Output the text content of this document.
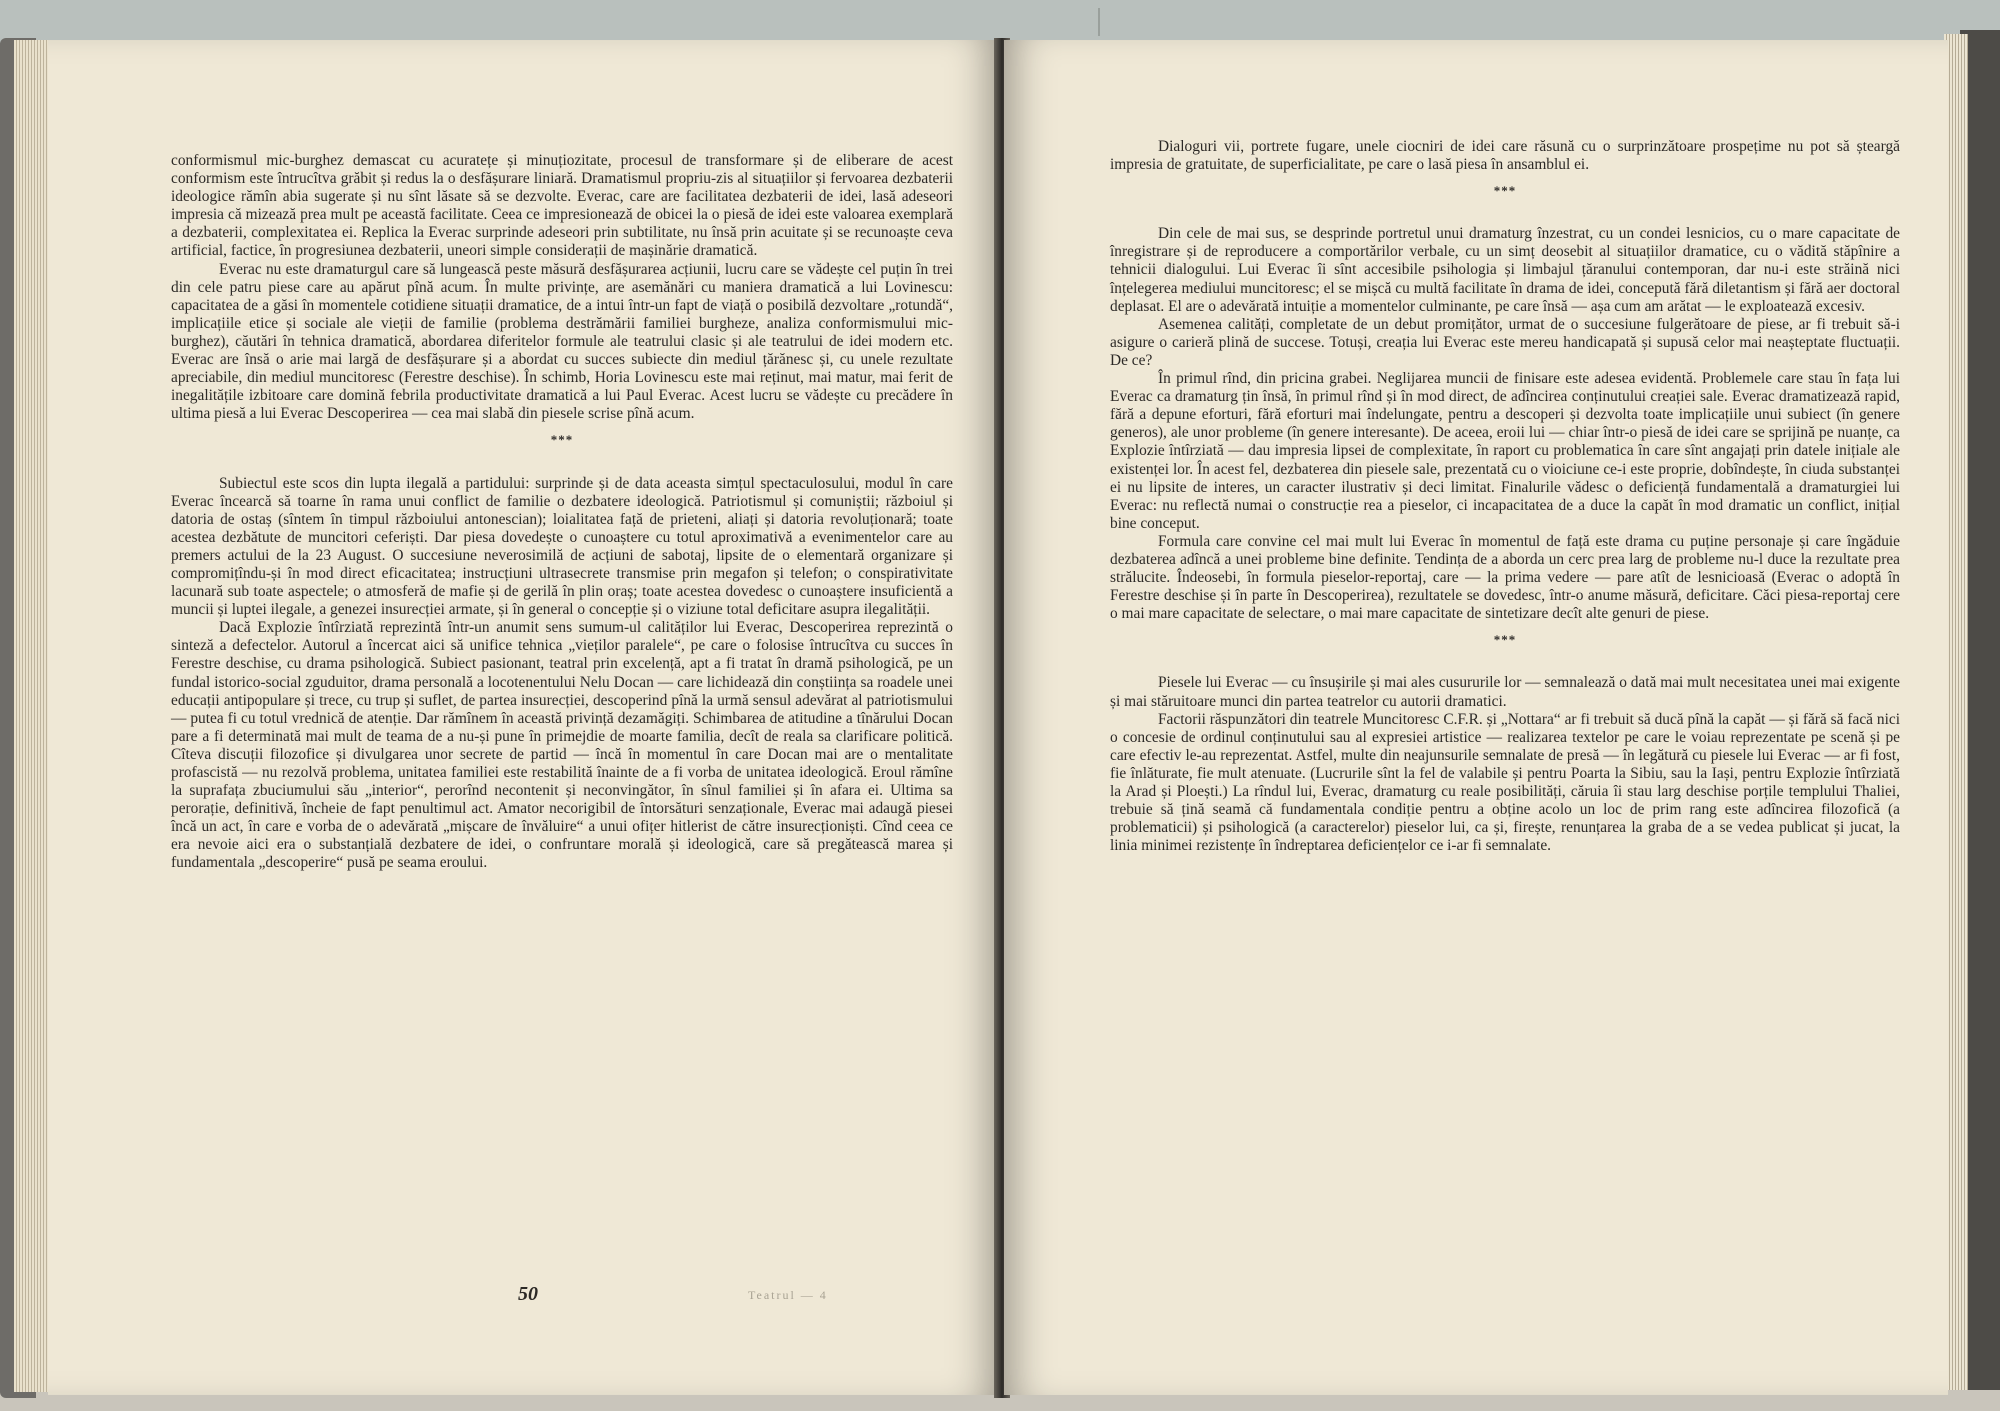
conformismul mic-burghez demascat cu acuratețe și minuțiozitate, procesul de transformare și de eliberare de acest conformism este întrucîtva grăbit și redus la o desfășurare liniară. Dramatismul propriu-zis al situațiilor și fervoarea dezbaterii ideologice rămîn abia sugerate și nu sînt lăsate să se dezvolte. Everac, care are facilitatea dezbaterii de idei, lasă adeseori impresia că mizează prea mult pe această facilitate. Ceea ce impresionează de obicei la o piesă de idei este valoarea exemplară a dezbaterii, complexitatea ei. Replica la Everac surprinde adeseori prin subtilitate, nu însă prin acuitate și se recunoaște ceva artificial, factice, în progresiunea dezbaterii, uneori simple considerații de mașinărie dramatică.

Everac nu este dramaturgul care să lungească peste măsură desfășurarea acțiunii, lucru care se vădește cel puțin în trei din cele patru piese care au apărut pînă acum. În multe privințe, are asemănări cu maniera dramatică a lui Lovinescu: capacitatea de a găsi în momentele cotidiene situații dramatice, de a intui într-un fapt de viață o posibilă dezvoltare „rotundă“, implicațiile etice și sociale ale vieții de familie (problema destrămării familiei burgheze, analiza conformismului mic-burghez), căutări în tehnica dramatică, abordarea diferitelor formule ale teatrului clasic și ale teatrului de idei modern etc. Everac are însă o arie mai largă de desfășurare și a abordat cu succes subiecte din mediul țărănesc și, cu unele rezultate apreciabile, din mediul muncitoresc (Ferestre deschise). În schimb, Horia Lovinescu este mai reținut, mai matur, mai ferit de inegalitățile izbitoare care domină febrila productivitate dramatică a lui Paul Everac. Acest lucru se vădește cu precădere în ultima piesă a lui Everac Descoperirea — cea mai slabă din piesele scrise pînă acum.

***

Subiectul este scos din lupta ilegală a partidului: surprinde și de data aceasta simțul spectaculosului, modul în care Everac încearcă să toarne în rama unui conflict de familie o dezbatere ideologică. Patriotismul și comuniștii; războiul și datoria de ostaș (sîntem în timpul războiului antonescian); loialitatea față de prieteni, aliați și datoria revoluționară; toate acestea dezbătute de muncitori ceferiști. Dar piesa dovedește o cunoaștere cu totul aproximativă a evenimentelor care au premers actului de la 23 August. O succesiune neverosimilă de acțiuni de sabotaj, lipsite de o elementară organizare și compromițîndu-și în mod direct eficacitatea; instrucțiuni ultrasecrete transmise prin megafon și telefon; o conspirativitate lacunară sub toate aspectele; o atmosferă de mafie și de gerilă în plin oraș; toate acestea dovedesc o cunoaștere insuficientă a muncii și luptei ilegale, a genezei insurecției armate, și în general o concepție și o viziune total deficitare asupra ilegalității.

Dacă Explozie întîrziată reprezintă într-un anumit sens sumum-ul calităților lui Everac, Descoperirea reprezintă o sinteză a defectelor. Autorul a încercat aici să unifice tehnica „vieților paralele“, pe care o folosise întrucîtva cu succes în Ferestre deschise, cu drama psihologică. Subiect pasionant, teatral prin excelență, apt a fi tratat în dramă psihologică, pe un fundal istorico-social zguduitor, drama personală a locotenentului Nelu Docan — care lichidează din conștiința sa roadele unei educații antipopulare și trece, cu trup și suflet, de partea insurecției, descoperind pînă la urmă sensul adevărat al patriotismului — putea fi cu totul vrednică de atenție. Dar rămînem în această privință dezamăgiți. Schimbarea de atitudine a tînărului Docan pare a fi determinată mai mult de teama de a nu-și pune în primejdie de moarte familia, decît de reala sa clarificare politică. Cîteva discuții filozofice și divulgarea unor secrete de partid — încă în momentul în care Docan mai are o mentalitate profascistă — nu rezolvă problema, unitatea familiei este restabilită înainte de a fi vorba de unitatea ideologică. Eroul rămîne la suprafața zbuciumului său „interior“, perorînd necontenit și neconvingător, în sînul familiei și în afara ei. Ultima sa perorație, definitivă, încheie de fapt penultimul act. Amator necorigibil de întorsături senzaționale, Everac mai adaugă piesei încă un act, în care e vorba de o adevărată „mișcare de învăluire“ a unui ofițer hitlerist de către insurecționiști. Cînd ceea ce era nevoie aici era o substanțială dezbatere de idei, o confruntare morală și ideologică, care să pregătească marea și fundamentala „descoperire“ pusă pe seama eroului.

50	Teatrul — 4

Dialoguri vii, portrete fugare, unele ciocniri de idei care răsună cu o surprinzătoare prospețime nu pot să șteargă impresia de gratuitate, de superficialitate, pe care o lasă piesa în ansamblul ei.

***

Din cele de mai sus, se desprinde portretul unui dramaturg înzestrat, cu un condei lesnicios, cu o mare capacitate de înregistrare și de reproducere a comportărilor verbale, cu un simț deosebit al situațiilor dramatice, cu o vădită stăpînire a tehnicii dialogului. Lui Everac îi sînt accesibile psihologia și limbajul țăranului contemporan, dar nu-i este străină nici înțelegerea mediului muncitoresc; el se mișcă cu multă facilitate în drama de idei, concepută fără diletantism și fără aer doctoral deplasat. El are o adevărată intuiție a momentelor culminante, pe care însă — așa cum am arătat — le exploatează excesiv.

Asemenea calități, completate de un debut promițător, urmat de o succesiune fulgerătoare de piese, ar fi trebuit să-i asigure o carieră plină de succese. Totuși, creația lui Everac este mereu handicapată și supusă celor mai neașteptate fluctuații. De ce?

În primul rînd, din pricina grabei. Neglijarea muncii de finisare este adesea evidentă. Problemele care stau în fața lui Everac ca dramaturg țin însă, în primul rînd și în mod direct, de adîncirea conținutului creației sale. Everac dramatizează rapid, fără a depune eforturi, fără eforturi mai îndelungate, pentru a descoperi și dezvolta toate implicațiile unui subiect (în genere generos), ale unor probleme (în genere interesante). De aceea, eroii lui — chiar într-o piesă de idei care se sprijină pe nuanțe, ca Explozie întîrziată — dau impresia lipsei de complexitate, în raport cu problematica în care sînt angajați prin datele inițiale ale existenței lor. În acest fel, dezbaterea din piesele sale, prezentată cu o vioiciune ce-i este proprie, dobîndește, în ciuda substanței ei nu lipsite de interes, un caracter ilustrativ și deci limitat. Finalurile vădesc o deficiență fundamentală a dramaturgiei lui Everac: nu reflectă numai o construcție rea a pieselor, ci incapacitatea de a duce la capăt în mod dramatic un conflict, inițial bine conceput.

Formula care convine cel mai mult lui Everac în momentul de față este drama cu puține personaje și care îngăduie dezbaterea adîncă a unei probleme bine definite. Tendința de a aborda un cerc prea larg de probleme nu-l duce la rezultate prea strălucite. Îndeosebi, în formula pieselor-reportaj, care — la prima vedere — pare atît de lesnicioasă (Everac o adoptă în Ferestre deschise și în parte în Descoperirea), rezultatele se dovedesc, într-o anume măsură, deficitare. Căci piesa-reportaj cere o mai mare capacitate de selectare, o mai mare capacitate de sintetizare decît alte genuri de piese.

***

Piesele lui Everac — cu însușirile și mai ales cusururile lor — semnalează o dată mai mult necesitatea unei mai exigente și mai stăruitoare munci din partea teatrelor cu autorii dramatici.

Factorii răspunzători din teatrele Muncitoresc C.F.R. și „Nottara“ ar fi trebuit să ducă pînă la capăt — și fără să facă nici o concesie de ordinul conținutului sau al expresiei artistice — realizarea textelor pe care le voiau reprezentate pe scenă și pe care efectiv le-au reprezentat. Astfel, multe din neajunsurile semnalate de presă — în legătură cu piesele lui Everac — ar fi fost, fie înlăturate, fie mult atenuate. (Lucrurile sînt la fel de valabile și pentru Poarta la Sibiu, sau la Iași, pentru Explozie întîrziată la Arad și Ploești.) La rîndul lui, Everac, dramaturg cu reale posibilități, căruia îi stau larg deschise porțile templului Thaliei, trebuie să țină seamă că fundamentala condiție pentru a obține acolo un loc de prim rang este adîncirea filozofică (a problematicii) și psihologică (a caracterelor) pieselor lui, ca și, firește, renunțarea la graba de a se vedea publicat și jucat, la linia minimei rezistențe în îndreptarea deficiențelor ce i-ar fi semnalate.
